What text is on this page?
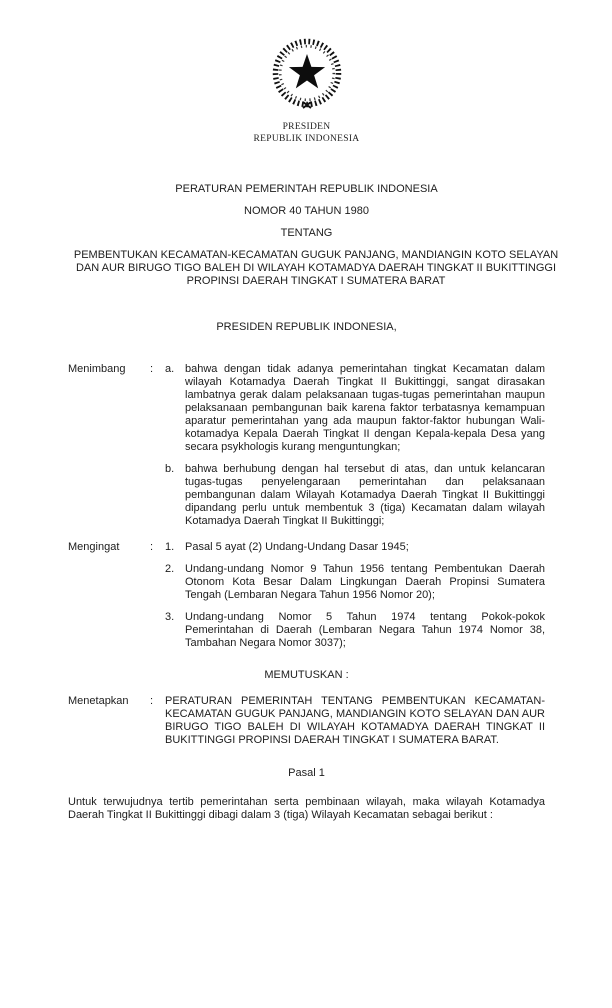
PRESIDEN
REPUBLIK INDONESIA
PERATURAN PEMERINTAH REPUBLIK INDONESIA
NOMOR 40 TAHUN 1980
TENTANG
PEMBENTUKAN KECAMATAN-KECAMATAN GUGUK PANJANG, MANDIANGIN KOTO SELAYAN DAN AUR BIRUGO TIGO BALEH DI WILAYAH KOTAMADYA DAERAH TINGKAT II BUKITTINGGI PROPINSI DAERAH TINGKAT I SUMATERA BARAT
PRESIDEN REPUBLIK INDONESIA,
Menimbang	:	a. bahwa dengan tidak adanya pemerintahan tingkat Kecamatan dalam wilayah Kotamadya Daerah Tingkat II Bukittinggi, sangat dirasakan lambatnya gerak dalam pelaksanaan tugas-tugas pemerintahan maupun pelaksanaan pembangunan baik karena faktor terbatasnya kemampuan aparatur pemerintahan yang ada maupun faktor-faktor hubungan Wali-kotamadya Kepala Daerah Tingkat II dengan Kepala-kepala Desa yang secara psykhologis kurang menguntungkan;
b. bahwa berhubung dengan hal tersebut di atas, dan untuk kelancaran tugas-tugas penyelengaraan pemerintahan dan pelaksanaan pembangunan dalam Wilayah Kotamadya Daerah Tingkat II Bukittinggi dipandang perlu untuk membentuk 3 (tiga) Kecamatan dalam wilayah Kotamadya Daerah Tingkat II Bukittinggi;
Mengingat	:	1. Pasal 5 ayat (2) Undang-Undang Dasar 1945;
2. Undang-undang Nomor 9 Tahun 1956 tentang Pembentukan Daerah Otonom Kota Besar Dalam Lingkungan Daerah Propinsi Sumatera Tengah (Lembaran Negara Tahun 1956 Nomor 20);
3. Undang-undang Nomor 5 Tahun 1974 tentang Pokok-pokok Pemerintahan di Daerah (Lembaran Negara Tahun 1974 Nomor 38, Tambahan Negara Nomor 3037);
MEMUTUSKAN :
Menetapkan	:	PERATURAN PEMERINTAH TENTANG PEMBENTUKAN KECAMATAN-KECAMATAN GUGUK PANJANG, MANDIANGIN KOTO SELAYAN DAN AUR BIRUGO TIGO BALEH DI WILAYAH KOTAMADYA DAERAH TINGKAT II BUKITTINGGI PROPINSI DAERAH TINGKAT I SUMATERA BARAT.
Pasal 1
Untuk terwujudnya tertib pemerintahan serta pembinaan wilayah, maka wilayah Kotamadya Daerah Tingkat II Bukittinggi dibagi dalam 3 (tiga) Wilayah Kecamatan sebagai berikut :
